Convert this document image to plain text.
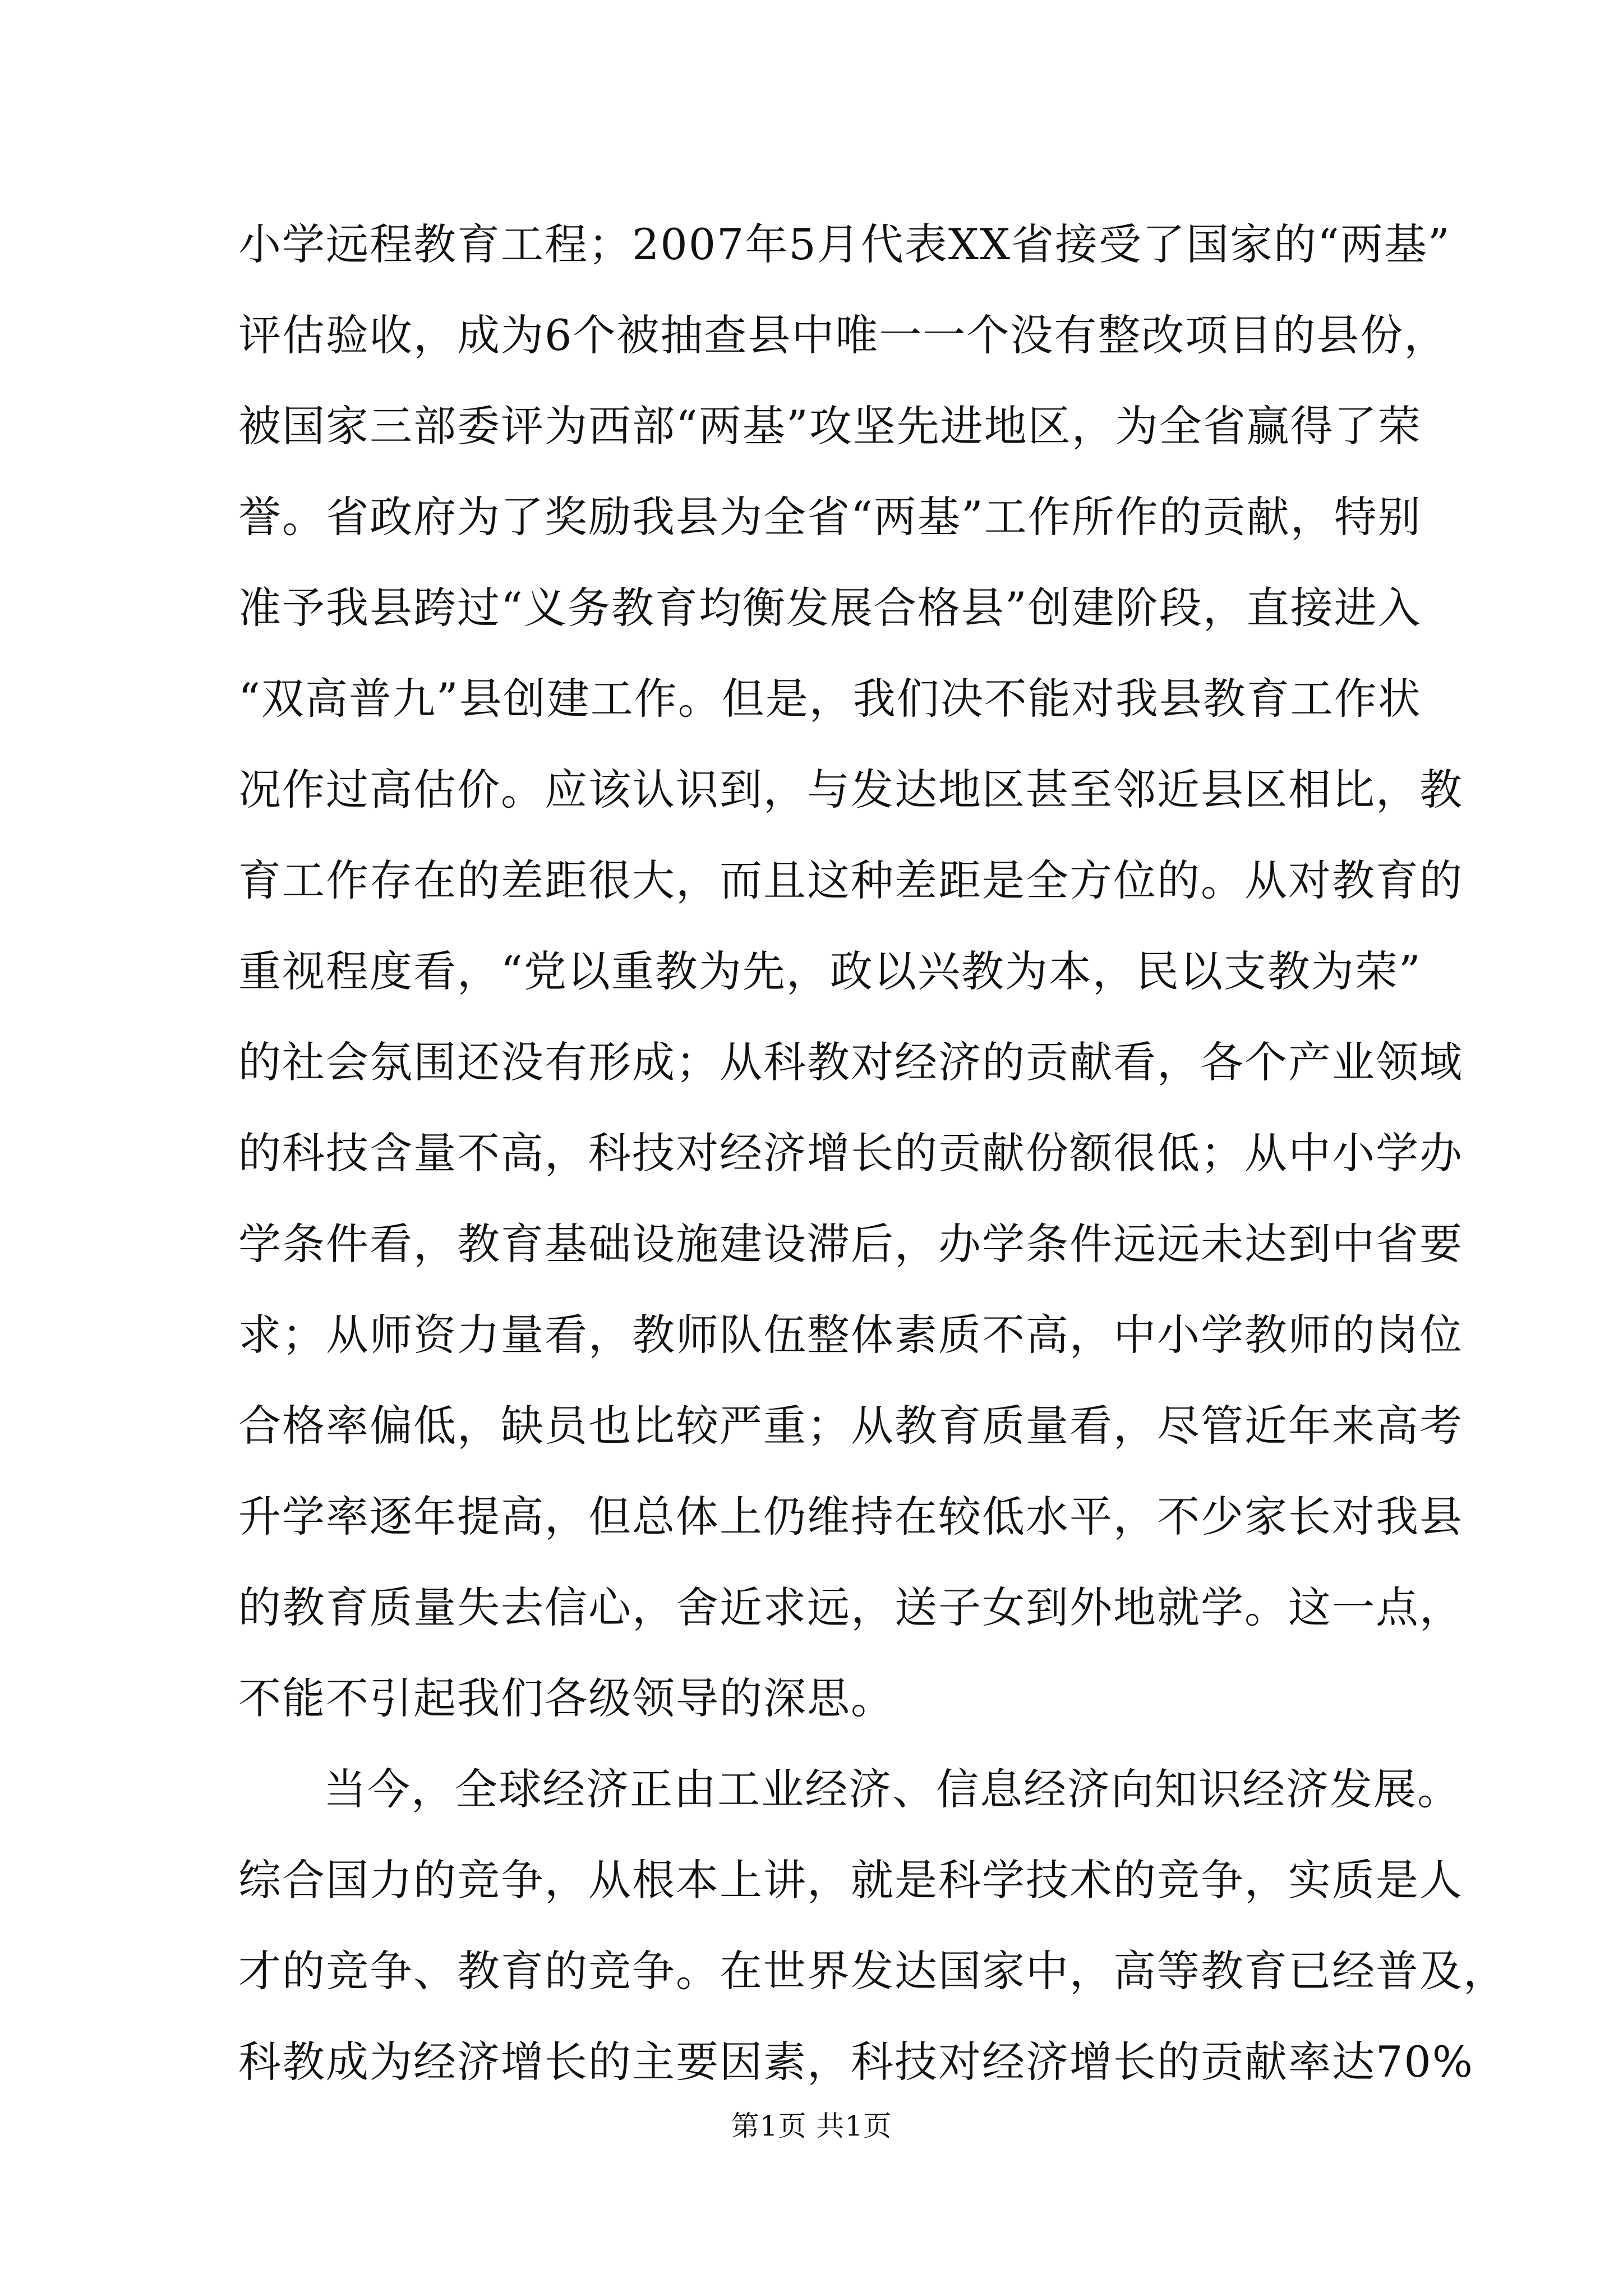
小学远程教育工程；2007年5月代表XX省接受了国家的“两基”
评估验收，成为6个被抽查县中唯一一个没有整改项目的县份，
被国家三部委评为西部“两基”攻坚先进地区，为全省赢得了荣
誉。省政府为了奖励我县为全省“两基”工作所作的贡献，特别
准予我县跨过“义务教育均衡发展合格县”创建阶段，直接进入
“双高普九”县创建工作。但是，我们决不能对我县教育工作状
况作过高估价。应该认识到，与发达地区甚至邻近县区相比，教
育工作存在的差距很大，而且这种差距是全方位的。从对教育的
重视程度看，“党以重教为先，政以兴教为本，民以支教为荣”
的社会氛围还没有形成；从科教对经济的贡献看，各个产业领域
的科技含量不高，科技对经济增长的贡献份额很低；从中小学办
学条件看，教育基础设施建设滞后，办学条件远远未达到中省要
求；从师资力量看，教师队伍整体素质不高，中小学教师的岗位
合格率偏低，缺员也比较严重；从教育质量看，尽管近年来高考
升学率逐年提高，但总体上仍维持在较低水平，不少家长对我县
的教育质量失去信心，舍近求远，送子女到外地就学。这一点，
不能不引起我们各级领导的深思。
当今，全球经济正由工业经济、信息经济向知识经济发展。
综合国力的竞争，从根本上讲，就是科学技术的竞争，实质是人
才的竞争、教育的竞争。在世界发达国家中，高等教育已经普及，
科教成为经济增长的主要因素，科技对经济增长的贡献率达70%
第1页 共1页
